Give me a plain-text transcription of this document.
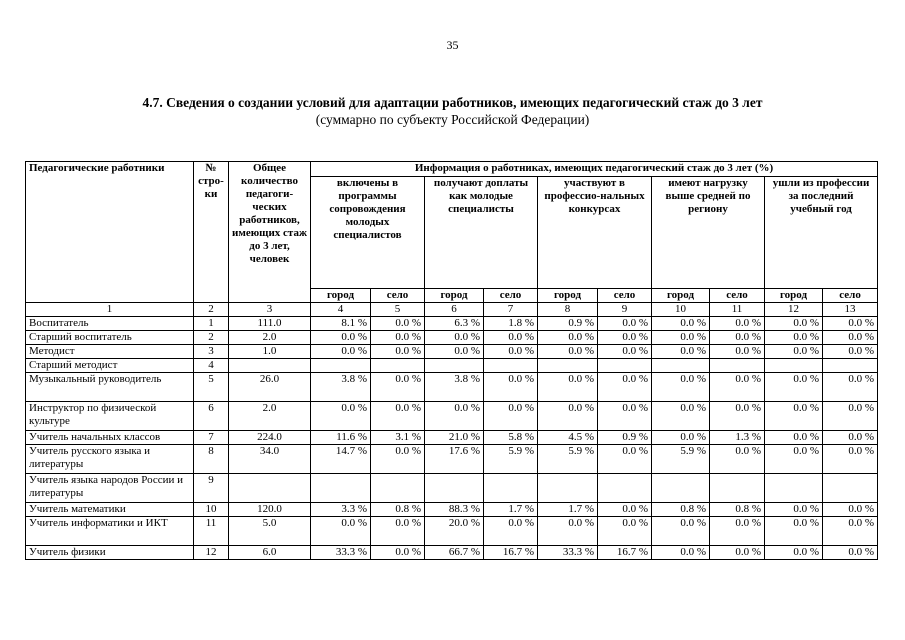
35
4.7. Сведения о создании условий для адаптации работников, имеющих педагогический стаж до 3 лет
(суммарно по субъекту Российской Федерации)
Педагогические работники	№ стро-ки	Общее количество педагоги-ческих работников, имеющих стаж до 3 лет, человек	Информация о работниках, имеющих педагогический стаж до 3 лет (%)									
			включены в программы сопровождения молодых специалистов		получают доплаты как молодые специалисты		участвуют в профессио-нальных конкурсах		имеют нагрузку выше средней по региону		ушли из профессии за последний учебный год	
			город	село	город	село	город	село	город	село	город	село
1	2	3	4	5	6	7	8	9	10	11	12	13
Воспитатель	1	111.0	8.1 %	0.0 %	6.3 %	1.8 %	0.9 %	0.0 %	0.0 %	0.0 %	0.0 %	0.0 %
Старший воспитатель	2	2.0	0.0 %	0.0 %	0.0 %	0.0 %	0.0 %	0.0 %	0.0 %	0.0 %	0.0 %	0.0 %
Методист	3	1.0	0.0 %	0.0 %	0.0 %	0.0 %	0.0 %	0.0 %	0.0 %	0.0 %	0.0 %	0.0 %
Старший методист	4											
Музыкальный руководитель	5	26.0	3.8 %	0.0 %	3.8 %	0.0 %	0.0 %	0.0 %	0.0 %	0.0 %	0.0 %	0.0 %
Инструктор по физической культуре	6	2.0	0.0 %	0.0 %	0.0 %	0.0 %	0.0 %	0.0 %	0.0 %	0.0 %	0.0 %	0.0 %
Учитель начальных классов	7	224.0	11.6 %	3.1 %	21.0 %	5.8 %	4.5 %	0.9 %	0.0 %	1.3 %	0.0 %	0.0 %
Учитель русского языка и литературы	8	34.0	14.7 %	0.0 %	17.6 %	5.9 %	5.9 %	0.0 %	5.9 %	0.0 %	0.0 %	0.0 %
Учитель языка народов России и литературы	9											
Учитель математики	10	120.0	3.3 %	0.8 %	88.3 %	1.7 %	1.7 %	0.0 %	0.8 %	0.8 %	0.0 %	0.0 %
Учитель информатики и ИКТ	11	5.0	0.0 %	0.0 %	20.0 %	0.0 %	0.0 %	0.0 %	0.0 %	0.0 %	0.0 %	0.0 %
Учитель физики	12	6.0	33.3 %	0.0 %	66.7 %	16.7 %	33.3 %	16.7 %	0.0 %	0.0 %	0.0 %	0.0 %
